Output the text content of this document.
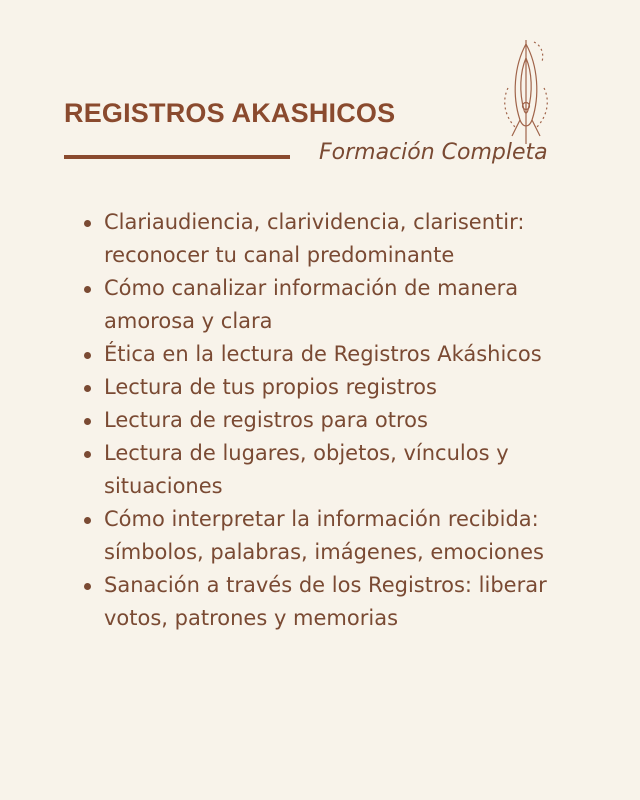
REGISTROS AKASHICOS
Formación Completa
Clariaudiencia, clarividencia, clarisentir: reconocer tu canal predominante
Cómo canalizar información de manera amorosa y clara
Ética en la lectura de Registros Akáshicos
Lectura de tus propios registros
Lectura de registros para otros
Lectura de lugares, objetos, vínculos y situaciones
Cómo interpretar la información recibida: símbolos, palabras, imágenes, emociones
Sanación a través de los Registros: liberar votos, patrones y memorias
